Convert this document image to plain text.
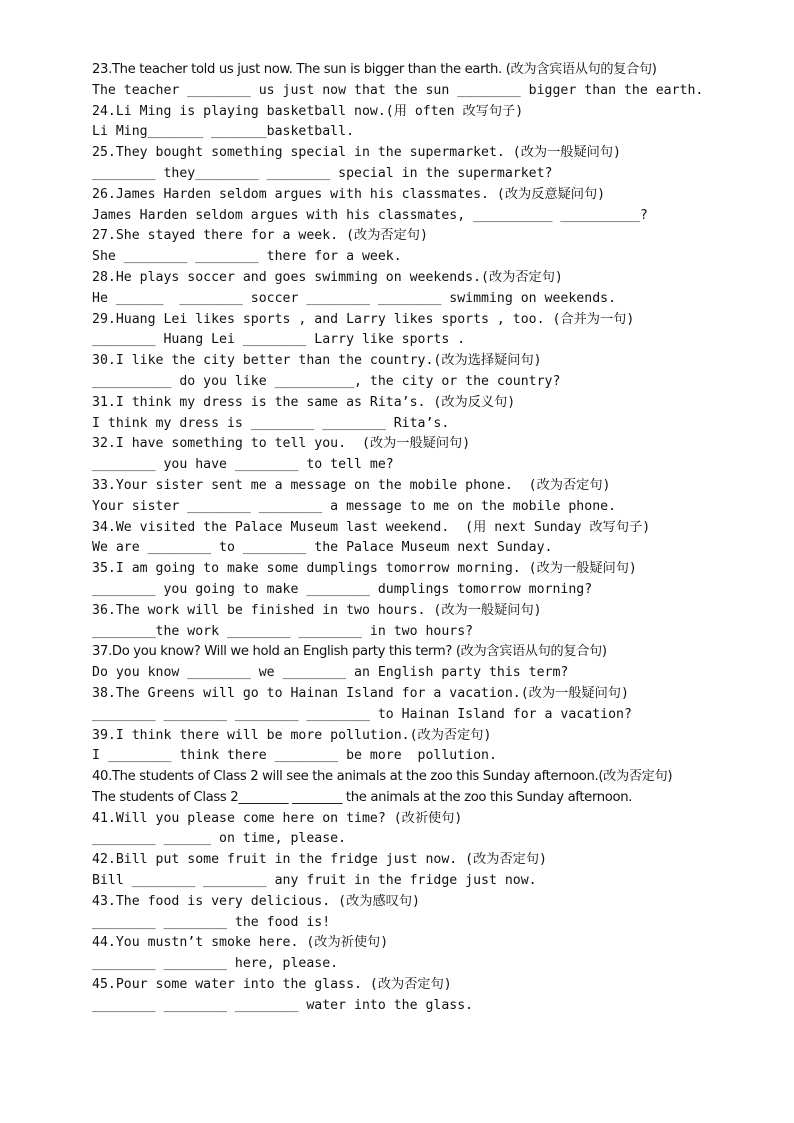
23.The teacher told us just now. The sun is bigger than the earth. (改为含宾语从句的复合句)
The teacher ________ us just now that the sun ________ bigger than the earth.
24.Li Ming is playing basketball now.(用 often 改写句子)
Li Ming_______ _______basketball.
25.They bought something special in the supermarket. (改为一般疑问句)
________ they________ ________ special in the supermarket?
26.James Harden seldom argues with his classmates. (改为反意疑问句)
James Harden seldom argues with his classmates, __________ __________?
27.She stayed there for a week. (改为否定句)
She ________ ________ there for a week.
28.He plays soccer and goes swimming on weekends.(改为否定句)
He ______  ________ soccer ________ ________ swimming on weekends.
29.Huang Lei likes sports , and Larry likes sports , too. (合并为一句)
________ Huang Lei ________ Larry like sports .
30.I like the city better than the country.(改为选择疑问句)
__________ do you like __________, the city or the country?
31.I think my dress is the same as Rita’s. (改为反义句)
I think my dress is ________ ________ Rita’s.
32.I have something to tell you.  (改为一般疑问句)
________ you have ________ to tell me?
33.Your sister sent me a message on the mobile phone.  (改为否定句)
Your sister ________ ________ a message to me on the mobile phone.
34.We visited the Palace Museum last weekend.  (用 next Sunday 改写句子)
We are ________ to ________ the Palace Museum next Sunday.
35.I am going to make some dumplings tomorrow morning. (改为一般疑问句)
________ you going to make ________ dumplings tomorrow morning?
36.The work will be finished in two hours. (改为一般疑问句)
________the work ________ ________ in two hours?
37.Do you know? Will we hold an English party this term? (改为含宾语从句的复合句)
Do you know ________ we ________ an English party this term?
38.The Greens will go to Hainan Island for a vacation.(改为一般疑问句)
________ ________ ________ ________ to Hainan Island for a vacation?
39.I think there will be more pollution.(改为否定句)
I ________ think there ________ be more  pollution.
40.The students of Class 2 will see the animals at the zoo this Sunday afternoon.(改为否定句)
The students of Class 2________ ________ the animals at the zoo this Sunday afternoon.
41.Will you please come here on time? (改祈使句)
________ ______ on time, please.
42.Bill put some fruit in the fridge just now. (改为否定句)
Bill ________ ________ any fruit in the fridge just now.
43.The food is very delicious. (改为感叹句)
________ ________ the food is!
44.You mustn’t smoke here. (改为祈使句)
________ ________ here, please.
45.Pour some water into the glass. (改为否定句)
________ ________ ________ water into the glass.
